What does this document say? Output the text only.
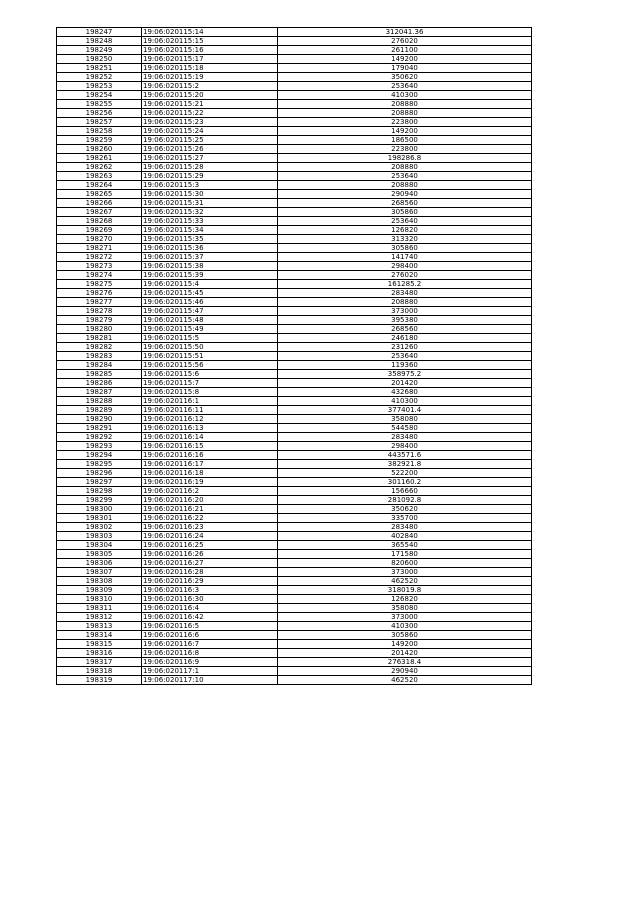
198247	19:06:020115:14	312041.36
198248	19:06:020115:15	276020
198249	19:06:020115:16	261100
198250	19:06:020115:17	149200
198251	19:06:020115:18	179040
198252	19:06:020115:19	350620
198253	19:06:020115:2	253640
198254	19:06:020115:20	410300
198255	19:06:020115:21	208880
198256	19:06:020115:22	208880
198257	19:06:020115:23	223800
198258	19:06:020115:24	149200
198259	19:06:020115:25	186500
198260	19:06:020115:26	223800
198261	19:06:020115:27	198286.8
198262	19:06:020115:28	208880
198263	19:06:020115:29	253640
198264	19:06:020115:3	208880
198265	19:06:020115:30	290940
198266	19:06:020115:31	268560
198267	19:06:020115:32	305860
198268	19:06:020115:33	253640
198269	19:06:020115:34	126820
198270	19:06:020115:35	313320
198271	19:06:020115:36	305860
198272	19:06:020115:37	141740
198273	19:06:020115:38	298400
198274	19:06:020115:39	276020
198275	19:06:020115:4	161285.2
198276	19:06:020115:45	283480
198277	19:06:020115:46	208880
198278	19:06:020115:47	373000
198279	19:06:020115:48	395380
198280	19:06:020115:49	268560
198281	19:06:020115:5	246180
198282	19:06:020115:50	231260
198283	19:06:020115:51	253640
198284	19:06:020115:56	119360
198285	19:06:020115:6	358975.2
198286	19:06:020115:7	201420
198287	19:06:020115:8	432680
198288	19:06:020116:1	410300
198289	19:06:020116:11	377401.4
198290	19:06:020116:12	358080
198291	19:06:020116:13	544580
198292	19:06:020116:14	283480
198293	19:06:020116:15	298400
198294	19:06:020116:16	443571.6
198295	19:06:020116:17	382921.8
198296	19:06:020116:18	522200
198297	19:06:020116:19	301160.2
198298	19:06:020116:2	156660
198299	19:06:020116:20	281092.8
198300	19:06:020116:21	350620
198301	19:06:020116:22	335700
198302	19:06:020116:23	283480
198303	19:06:020116:24	402840
198304	19:06:020116:25	365540
198305	19:06:020116:26	171580
198306	19:06:020116:27	820600
198307	19:06:020116:28	373000
198308	19:06:020116:29	462520
198309	19:06:020116:3	318019.8
198310	19:06:020116:30	126820
198311	19:06:020116:4	358080
198312	19:06:020116:42	373000
198313	19:06:020116:5	410300
198314	19:06:020116:6	305860
198315	19:06:020116:7	149200
198316	19:06:020116:8	201420
198317	19:06:020116:9	276318.4
198318	19:06:020117:1	290940
198319	19:06:020117:10	462520
